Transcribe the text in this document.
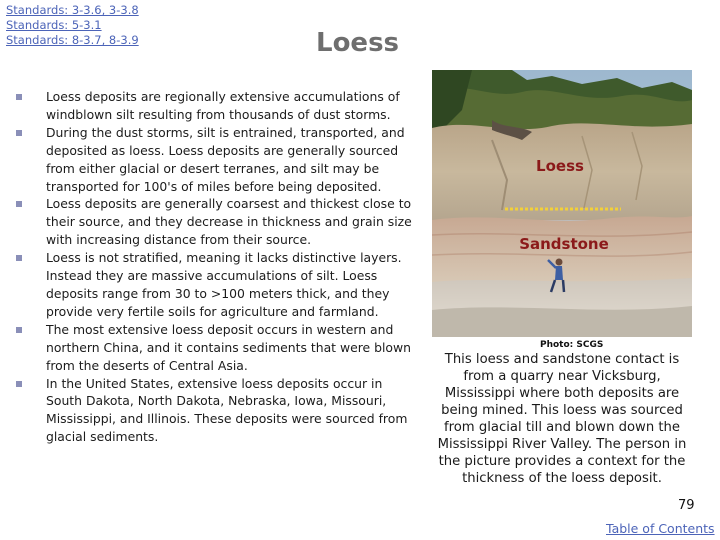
Standards: 3-3.6, 3-3.8
Standards: 5-3.1
Standards: 8-3.7, 8-3.9	Loess
Loess deposits are regionally extensive accumulations of windblown silt resulting from thousands of dust storms.
During the dust storms, silt is entrained, transported, and deposited as loess. Loess deposits are generally sourced from either glacial or desert terranes, and silt may be transported for 100's of miles before being deposited.
Loess deposits are generally coarsest and thickest close to their source, and they decrease in thickness and grain size with increasing distance from their source.
Loess is not stratified, meaning it lacks distinctive layers. Instead they are massive accumulations of silt. Loess deposits range from 30 to >100 meters thick, and they provide very fertile soils for agriculture and farmland.
The most extensive loess deposit occurs in western and northern China, and it contains sediments that were blown from the deserts of Central Asia.
In the United States, extensive loess deposits occur in South Dakota, North Dakota, Nebraska, Iowa, Missouri, Mississippi, and Illinois. These deposits were sourced from glacial sediments.
Loess
Sandstone
Photo: SCGS
This loess and sandstone contact is from a quarry near Vicksburg, Mississippi where both deposits are being mined. This loess was sourced from glacial till and blown down the Mississippi River Valley. The person in the picture provides a context for the thickness of the loess deposit.
79
Table of Contents
